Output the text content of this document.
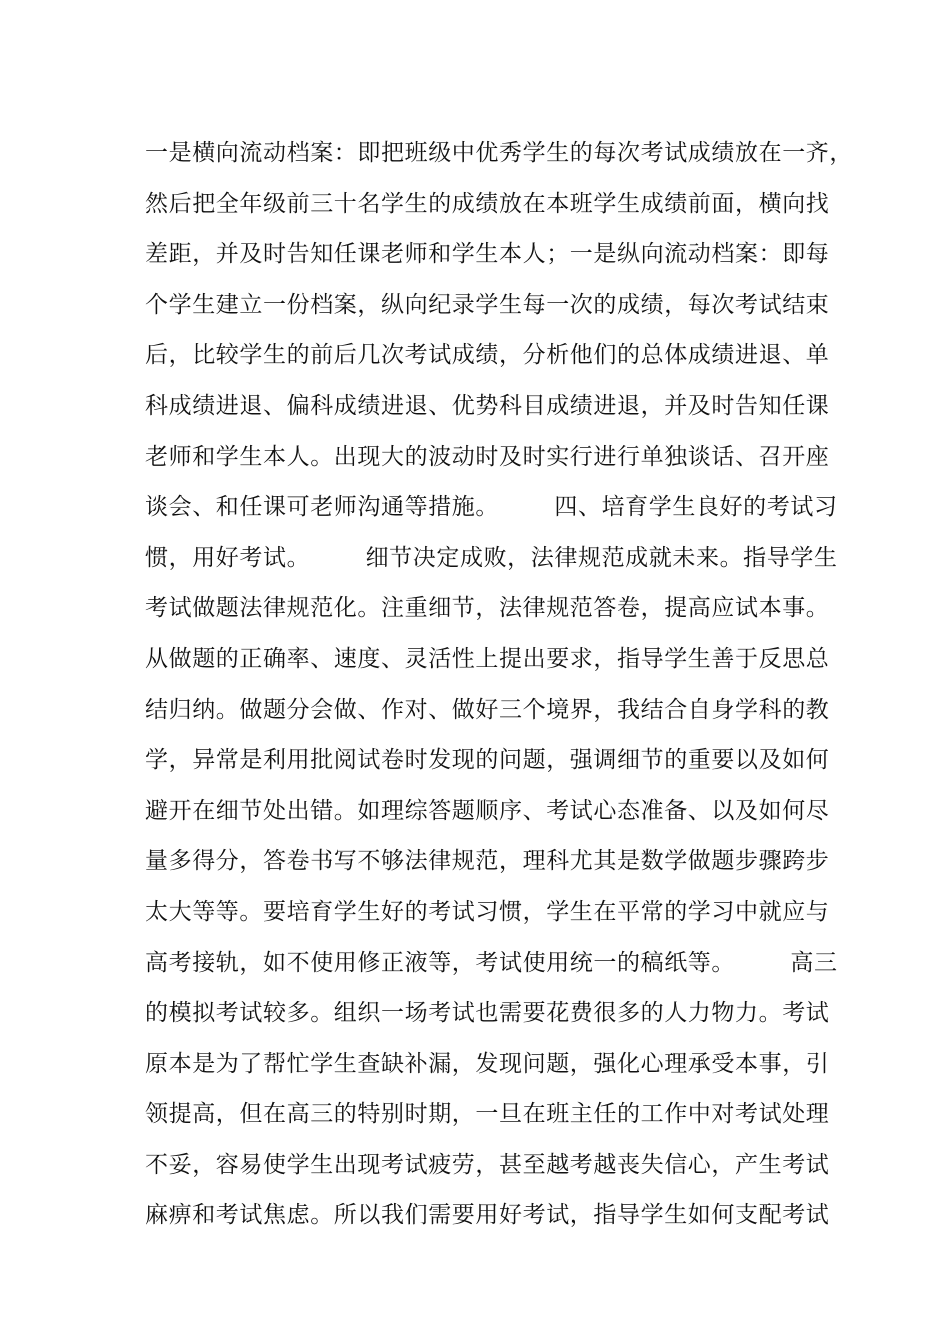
一是横向流动档案：即把班级中优秀学生的每次考试成绩放在一齐，
然后把全年级前三十名学生的成绩放在本班学生成绩前面，横向找
差距，并及时告知任课老师和学生本人；一是纵向流动档案：即每
个学生建立一份档案，纵向纪录学生每一次的成绩，每次考试结束
后，比较学生的前后几次考试成绩，分析他们的总体成绩进退、单
科成绩进退、偏科成绩进退、优势科目成绩进退，并及时告知任课
老师和学生本人。出现大的波动时及时实行进行单独谈话、召开座
谈会、和任课可老师沟通等措施。       四、培育学生良好的考试习
惯，用好考试。       细节决定成败，法律规范成就未来。指导学生
考试做题法律规范化。注重细节，法律规范答卷，提高应试本事。
从做题的正确率、速度、灵活性上提出要求，指导学生善于反思总
结归纳。做题分会做、作对、做好三个境界，我结合自身学科的教
学，异常是利用批阅试卷时发现的问题，强调细节的重要以及如何
避开在细节处出错。如理综答题顺序、考试心态准备、以及如何尽
量多得分，答卷书写不够法律规范，理科尤其是数学做题步骤跨步
太大等等。要培育学生好的考试习惯，学生在平常的学习中就应与
高考接轨，如不使用修正液等，考试使用统一的稿纸等。       高三
的模拟考试较多。组织一场考试也需要花费很多的人力物力。考试
原本是为了帮忙学生查缺补漏，发现问题，强化心理承受本事，引
领提高，但在高三的特别时期，一旦在班主任的工作中对考试处理
不妥，容易使学生出现考试疲劳，甚至越考越丧失信心，产生考试
麻痹和考试焦虑。所以我们需要用好考试，指导学生如何支配考试
